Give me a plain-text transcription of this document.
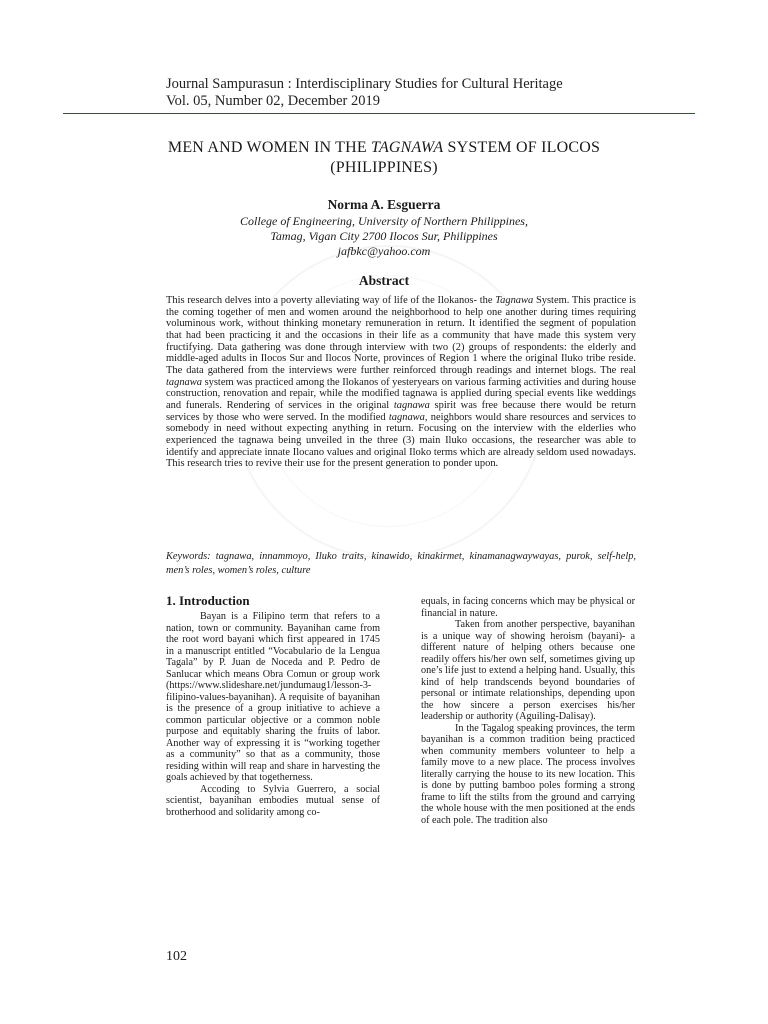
Journal Sampurasun : Interdisciplinary Studies for Cultural Heritage
Vol. 05, Number 02, December 2019
MEN AND WOMEN IN THE TAGNAWA SYSTEM OF ILOCOS
(PHILIPPINES)
Norma A. Esguerra
College of Engineering, University of Northern Philippines,
Tamag, Vigan City 2700 Ilocos Sur, Philippines
jafbkc@yahoo.com
Abstract
This research delves into a poverty alleviating way of life of the Ilokanos- the Tagnawa System. This practice is the coming together of men and women around the neighborhood to help one another during times requiring voluminous work, without thinking monetary remuneration in return. It identified the segment of population that had been practicing it and the occasions in their life as a community that have made this system very fructifying. Data gathering was done through interview with two (2) groups of respondents: the elderly and middle-aged adults in Ilocos Sur and Ilocos Norte, provinces of Region 1 where the original Iluko tribe reside. The data gathered from the interviews were further reinforced through readings and internet blogs. The real tagnawa system was practiced among the Ilokanos of yesteryears on various farming activities and during house construction, renovation and repair, while the modified tagnawa is applied during special events like weddings and funerals. Rendering of services in the original tagnawa spirit was free because there would be return services by those who were served. In the modified tagnawa, neighbors would share resources and services to somebody in need without expecting anything in return. Focusing on the interview with the elderlies who experienced the tagnawa being unveiled in the three (3) main Iluko occasions, the researcher was able to identify and appreciate innate Ilocano values and original Iloko terms which are already seldom used nowadays. This research tries to revive their use for the present generation to ponder upon.
Keywords: tagnawa, innammoyo, Iluko traits, kinawido, kinakirmet, kinamanagwaywayas, purok, self-help, men’s roles, women’s roles, culture
1. Introduction

Bayan is a Filipino term that refers to a nation, town or community. Bayanihan came from the root word bayani which first appeared in 1745 in a manuscript entitled “Vocabulario de la Lengua Tagala” by P. Juan de Noceda and P. Pedro de Sanlucar which means Obra Comun or group work (https://www.slideshare.net/jundumaug1/lesson-3-filipino-values-bayanihan). A requisite of bayanihan is the presence of a group initiative to achieve a common particular objective or a common noble purpose and equitably sharing the fruits of labor. Another way of expressing it is “working together as a community” so that as a community, those residing within will reap and share in harvesting the goals achieved by that togetherness.

Accoding to Sylvia Guerrero, a social scientist, bayanihan embodies mutual sense of brotherhood and solidarity among co-

equals, in facing concerns which may be physical or financial in nature.

Taken from another perspective, bayanihan is a unique way of showing heroism (bayani)- a different nature of helping others because one readily offers his/her own self, sometimes giving up one’s life just to extend a helping hand. Usually, this kind of help trandscends beyond boundaries of personal or intimate relationships, depending upon the how sincere a person exercises his/her leadership or authority (Aguiling-Dalisay).

In the Tagalog speaking provinces, the term bayanihan is a common tradition being practiced when community members volunteer to help a family move to a new place. The process involves literally carrying the house to its new location. This is done by putting bamboo poles forming a strong frame to lift the stilts from the ground and carrying the whole house with the men positioned at the ends of each pole. The tradition also

102
